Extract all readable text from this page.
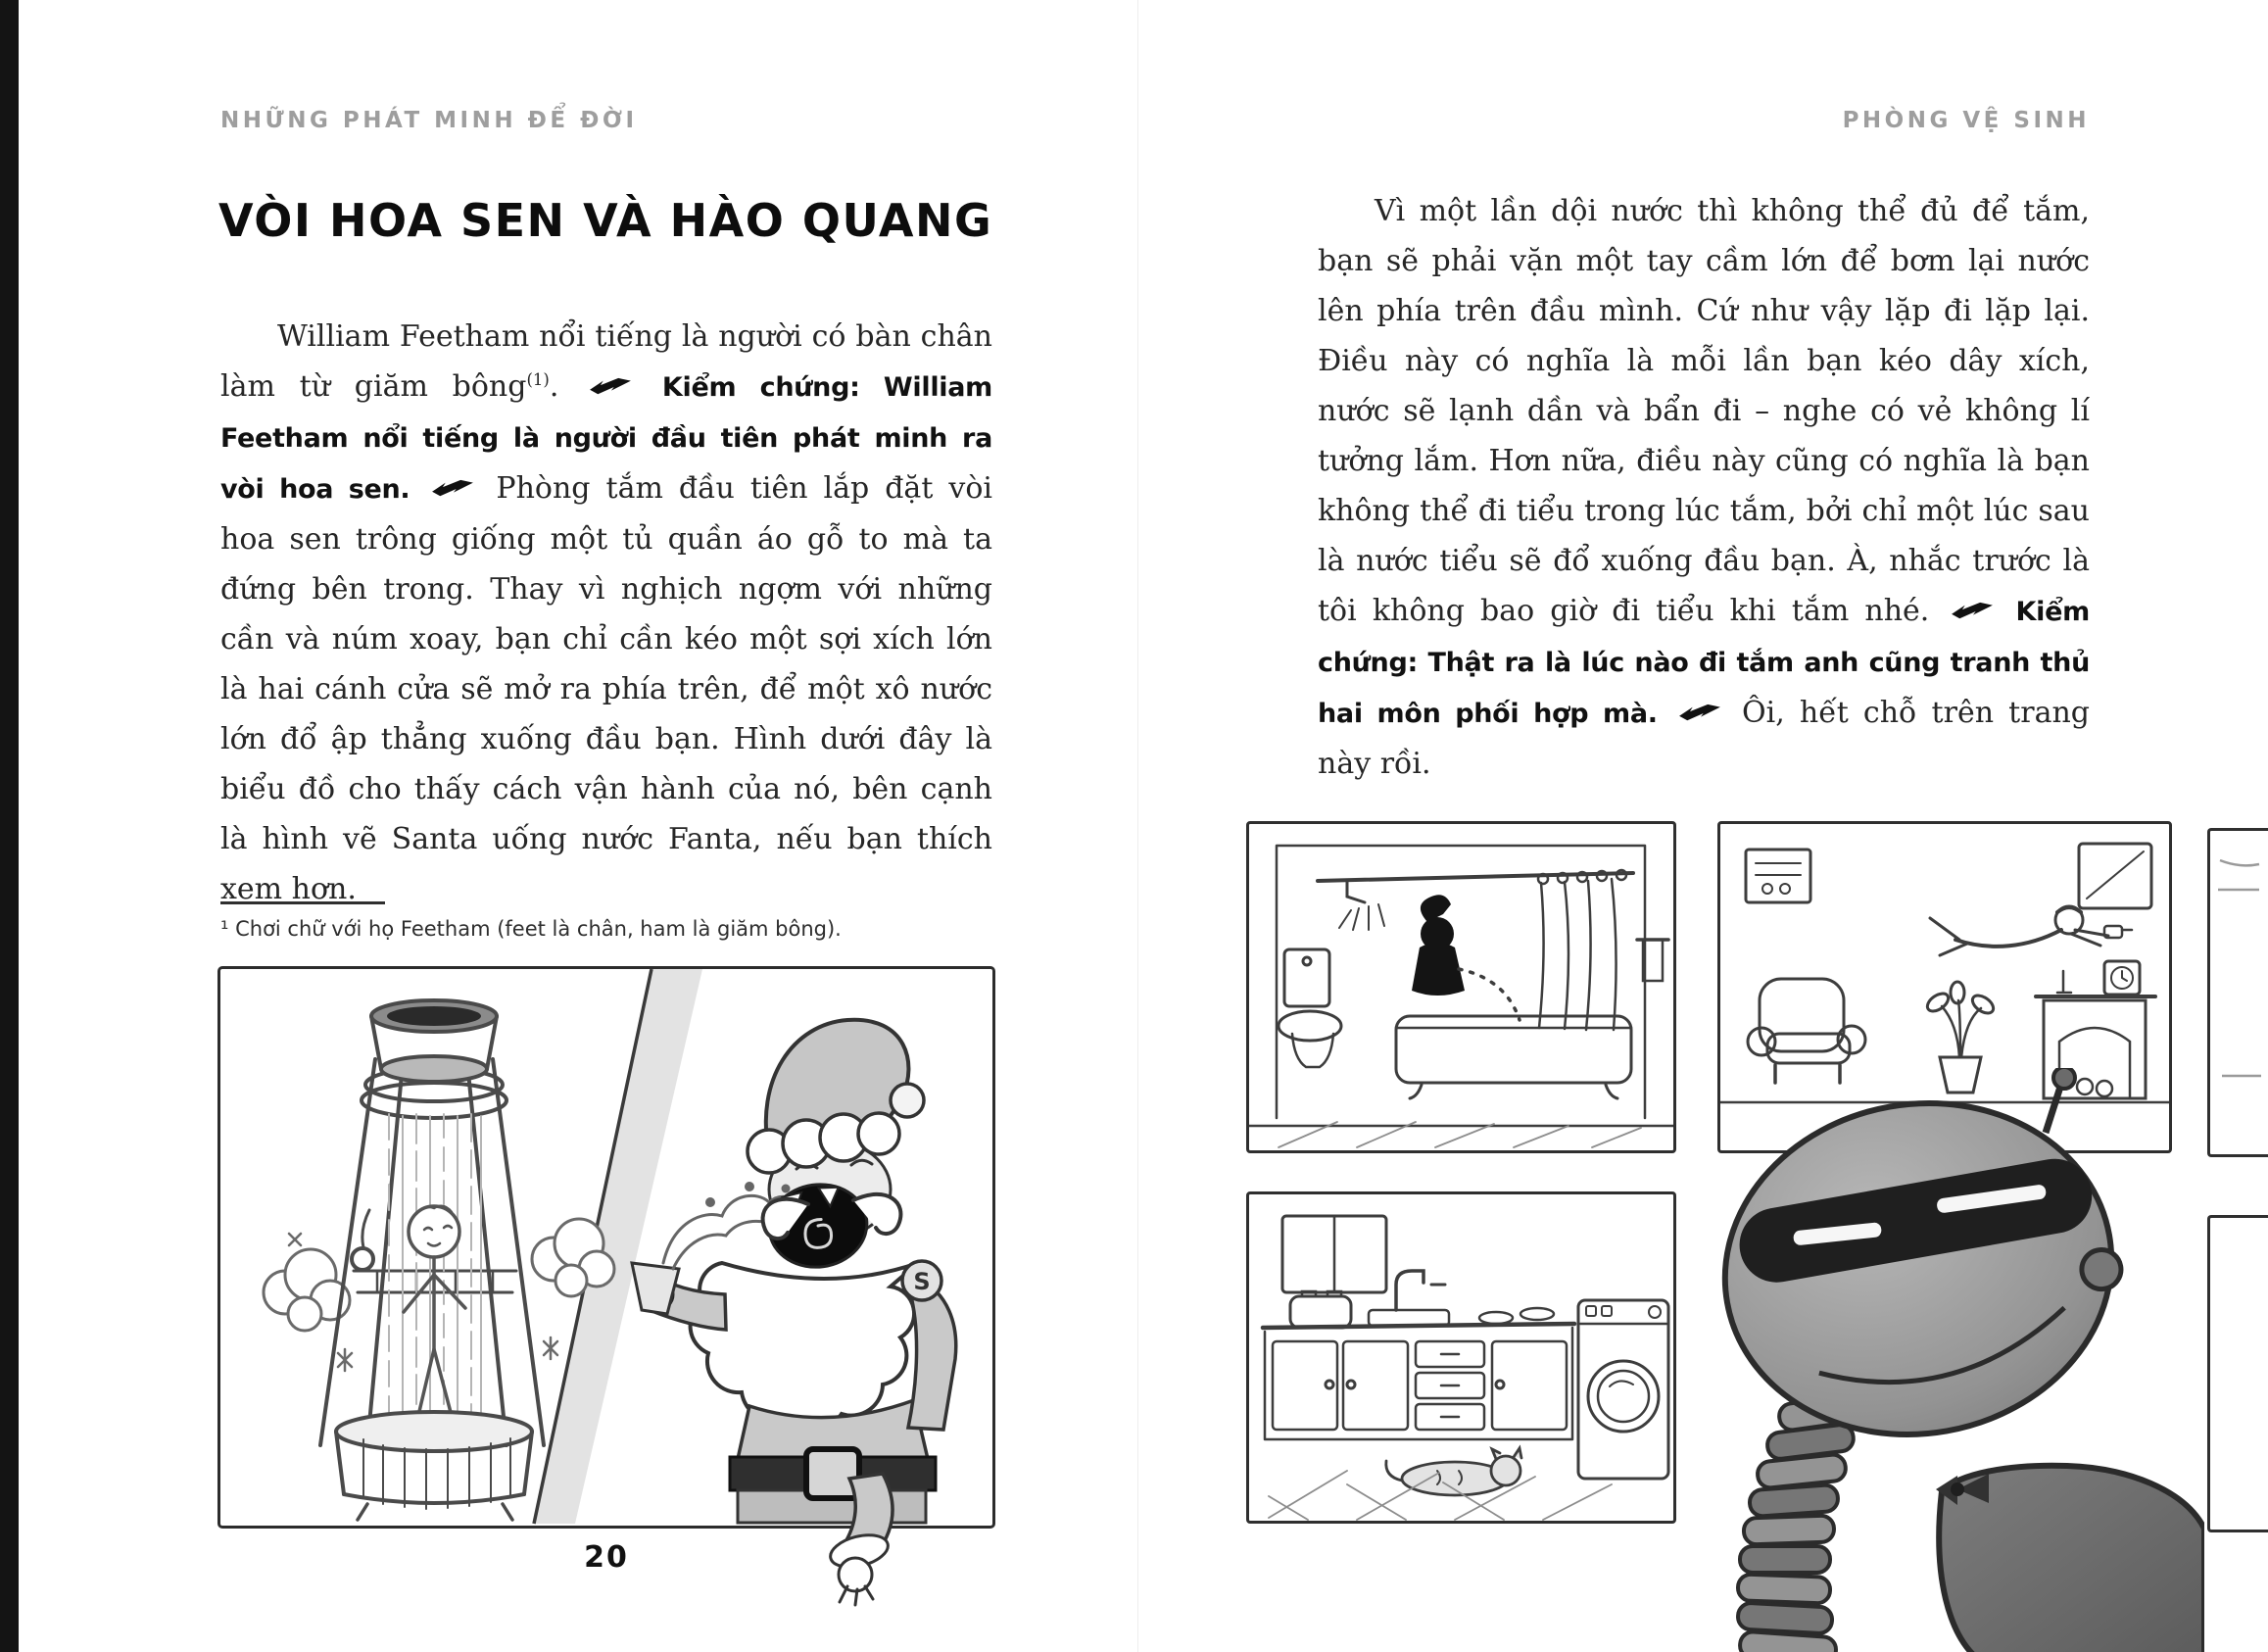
NHỮNG PHÁT MINH ĐỂ ĐỜI
VÒI HOA SEN VÀ HÀO QUANG

William Feetham nổi tiếng là người có bàn chân làm từ giăm bông$^{(1)}$.	Kiểm chứng: William Feetham nổi tiếng là người đầu tiên phát minh ra vòi hoa sen.	Phòng tắm đầu tiên lắp đặt vòi hoa sen trông giống một tủ quần áo gỗ to mà ta đứng bên trong. Thay vì nghịch ngợm với những cần và núm xoay, bạn chỉ cần kéo một sợi xích lớn là hai cánh cửa sẽ mở ra phía trên, để một xô nước lớn đổ ập thẳng xuống đầu bạn. Hình dưới đây là biểu đồ cho thấy cách vận hành của nó, bên cạnh là hình vẽ Santa uống nước Fanta, nếu bạn thích xem hơn.

¹ Chơi chữ với họ Feetham (feet là chân, ham là giăm bông).
S
20
PHÒNG VỆ SINH

Vì một lần dội nước thì không thể đủ để tắm, bạn sẽ phải vặn một tay cầm lớn để bơm lại nước lên phía trên đầu mình. Cứ như vậy lặp đi lặp lại. Điều này có nghĩa là mỗi lần bạn kéo dây xích, nước sẽ lạnh dần và bẩn đi – nghe có vẻ không lí tưởng lắm. Hơn nữa, điều này cũng có nghĩa là bạn không thể đi tiểu trong lúc tắm, bởi chỉ một lúc sau là nước tiểu sẽ đổ xuống đầu bạn. À, nhắc trước là tôi không bao giờ đi tiểu khi tắm nhé.	Kiểm chứng: Thật ra là lúc nào đi tắm anh cũng tranh thủ hai môn phối hợp mà.	Ôi, hết chỗ trên trang này rồi.
